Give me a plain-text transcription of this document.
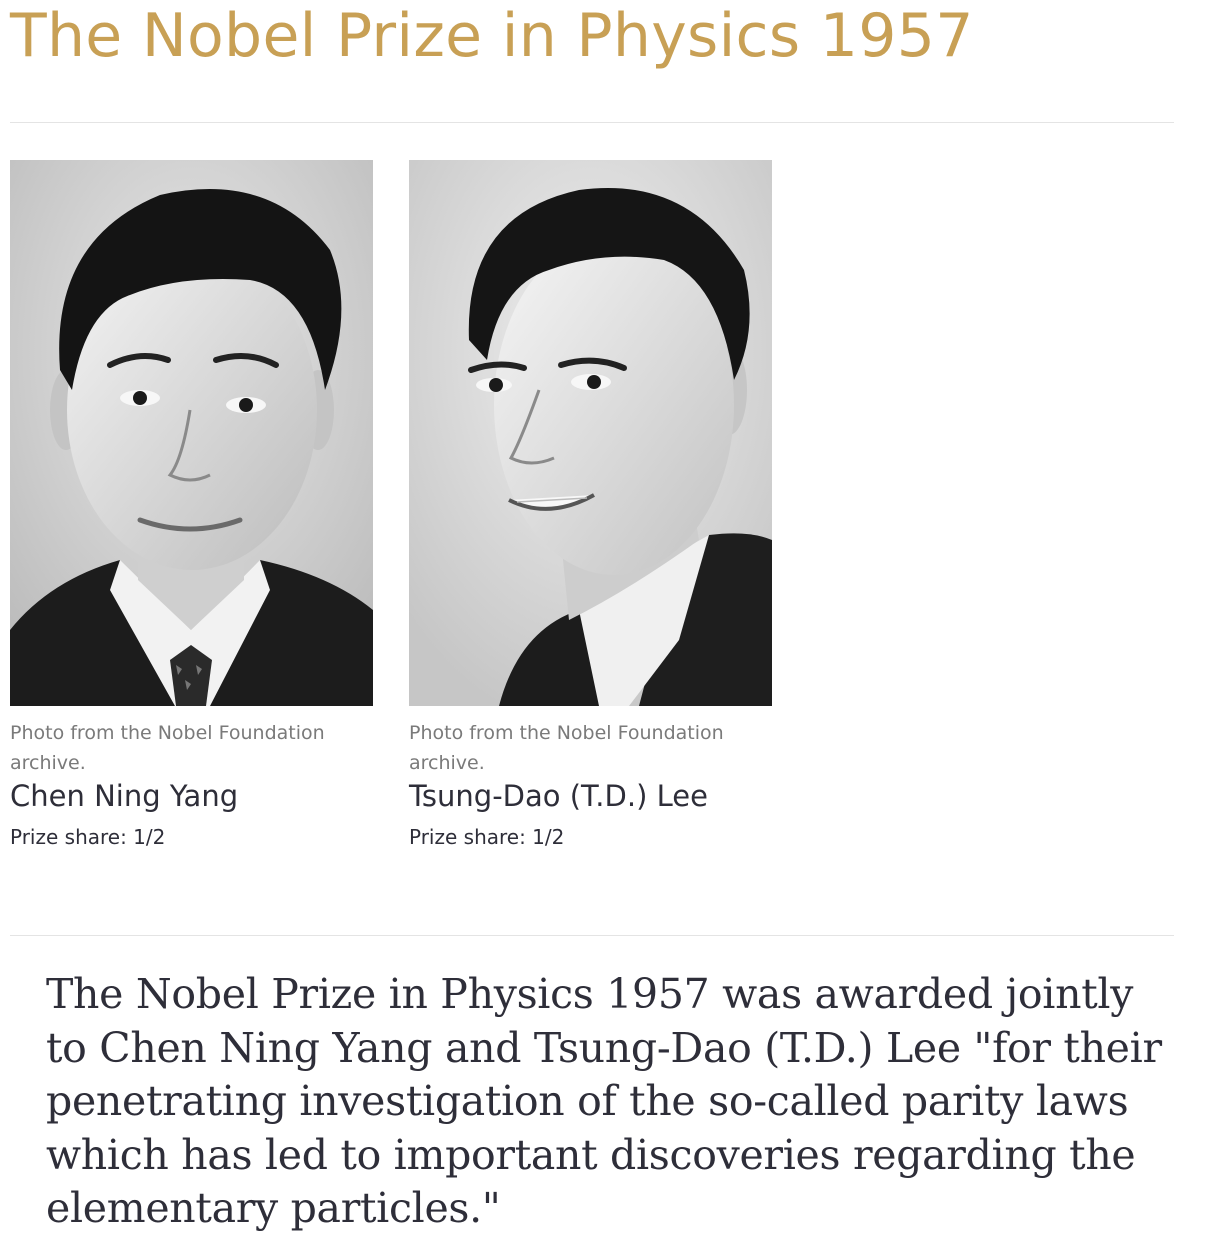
The Nobel Prize in Physics 1957
Photo from the Nobel Foundation archive.
Chen Ning Yang
Prize share: 1/2
Photo from the Nobel Foundation archive.
Tsung-Dao (T.D.) Lee
Prize share: 1/2

The Nobel Prize in Physics 1957 was awarded jointly to Chen Ning Yang and Tsung-Dao (T.D.) Lee "for their penetrating investigation of the so-called parity laws which has led to important discoveries regarding the elementary particles."
